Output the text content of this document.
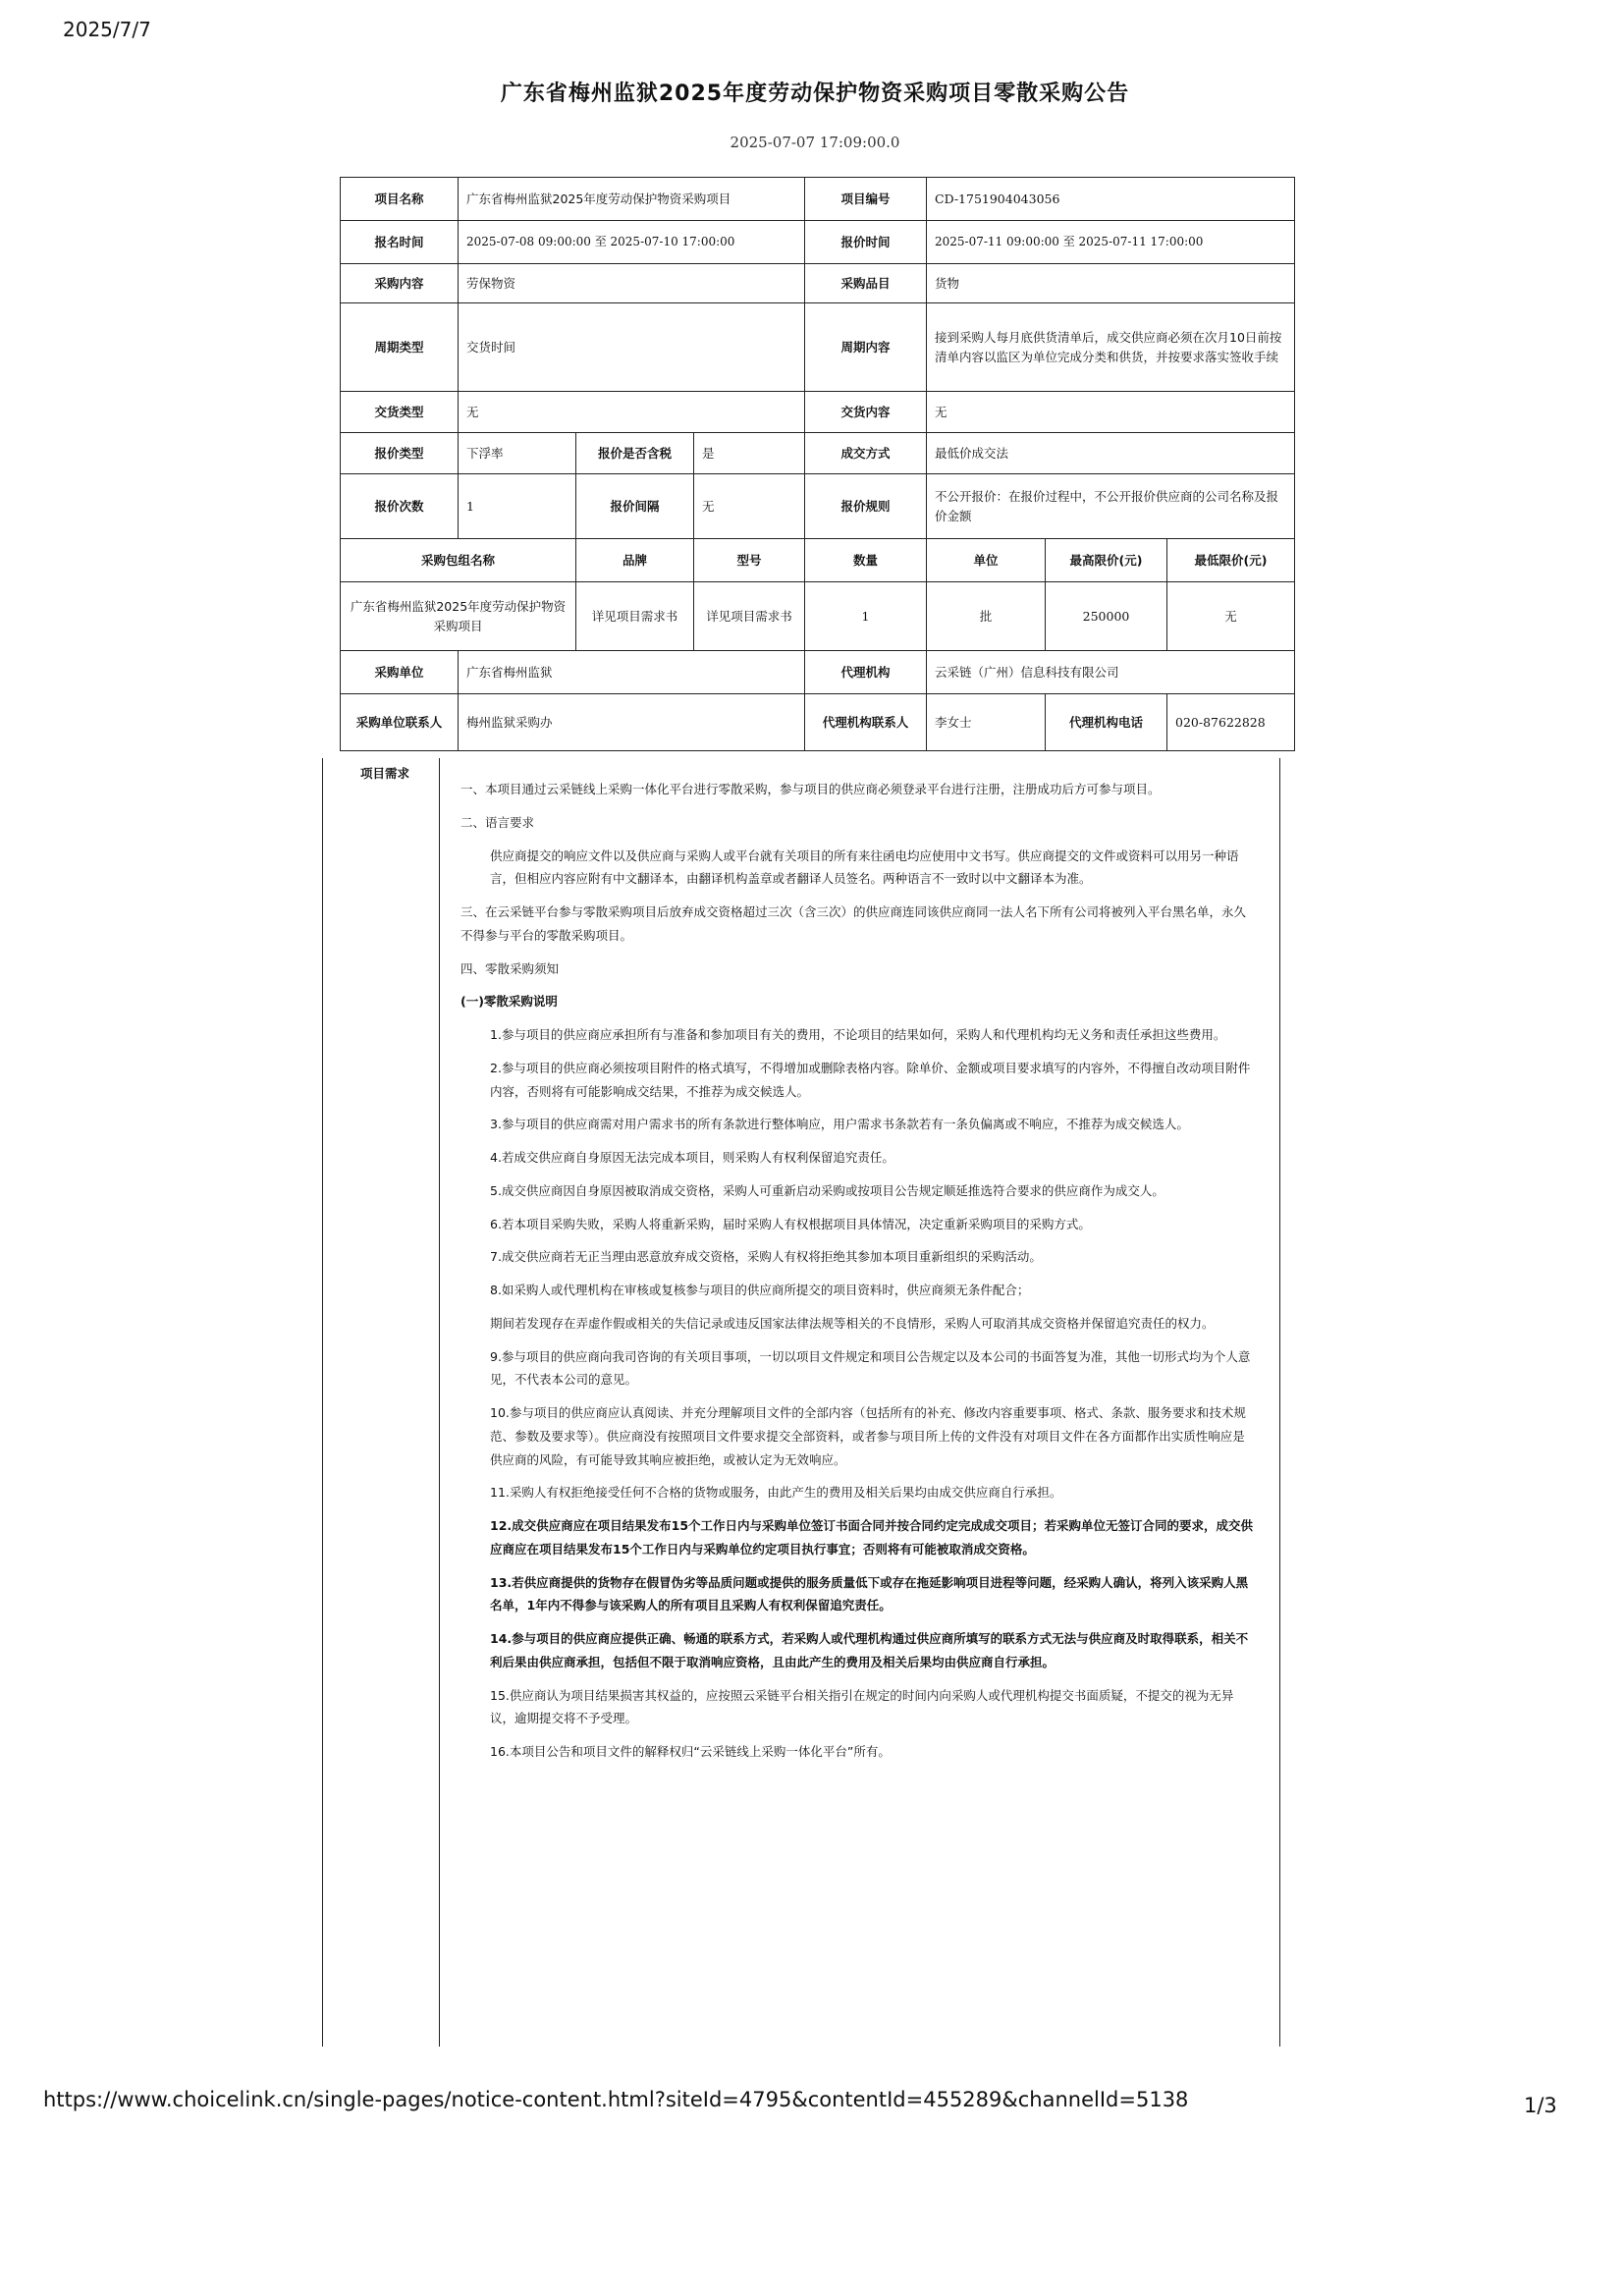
2025/7/7
广东省梅州监狱2025年度劳动保护物资采购项目零散采购公告
2025-07-07 17:09:00.0
项目名称	广东省梅州监狱2025年度劳动保护物资采购项目			项目编号	CD-1751904043056		
报名时间	2025-07-08 09:00:00 至 2025-07-10 17:00:00			报价时间	2025-07-11 09:00:00 至 2025-07-11 17:00:00		
采购内容	劳保物资			采购品目	货物		
周期类型	交货时间			周期内容	接到采购人每月底供货清单后，成交供应商必须在次月10日前按清单内容以监区为单位完成分类和供货，并按要求落实签收手续		
交货类型	无			交货内容	无		
报价类型	下浮率	报价是否含税	是	成交方式	最低价成交法		
报价次数	1	报价间隔	无	报价规则	不公开报价：在报价过程中，不公开报价供应商的公司名称及报价金额		
采购包组名称		品牌	型号	数量	单位	最高限价(元)	最低限价(元)
广东省梅州监狱2025年度劳动保护物资采购项目		详见项目需求书	详见项目需求书	1	批	250000	无
采购单位	广东省梅州监狱			代理机构	云采链（广州）信息科技有限公司		
采购单位联系人	梅州监狱采购办			代理机构联系人	李女士	代理机构电话	020-87622828
项目需求

一、本项目通过云采链线上采购一体化平台进行零散采购，参与项目的供应商必须登录平台进行注册，注册成功后方可参与项目。

二、语言要求

供应商提交的响应文件以及供应商与采购人或平台就有关项目的所有来往函电均应使用中文书写。供应商提交的文件或资料可以用另一种语言，但相应内容应附有中文翻译本，由翻译机构盖章或者翻译人员签名。两种语言不一致时以中文翻译本为准。

三、在云采链平台参与零散采购项目后放弃成交资格超过三次（含三次）的供应商连同该供应商同一法人名下所有公司将被列入平台黑名单，永久不得参与平台的零散采购项目。

四、零散采购须知

(一)零散采购说明

1.参与项目的供应商应承担所有与准备和参加项目有关的费用，不论项目的结果如何，采购人和代理机构均无义务和责任承担这些费用。

2.参与项目的供应商必须按项目附件的格式填写，不得增加或删除表格内容。除单价、金额或项目要求填写的内容外，不得擅自改动项目附件内容，否则将有可能影响成交结果，不推荐为成交候选人。

3.参与项目的供应商需对用户需求书的所有条款进行整体响应，用户需求书条款若有一条负偏离或不响应，不推荐为成交候选人。

4.若成交供应商自身原因无法完成本项目，则采购人有权利保留追究责任。

5.成交供应商因自身原因被取消成交资格，采购人可重新启动采购或按项目公告规定顺延推选符合要求的供应商作为成交人。

6.若本项目采购失败，采购人将重新采购，届时采购人有权根据项目具体情况，决定重新采购项目的采购方式。

7.成交供应商若无正当理由恶意放弃成交资格，采购人有权将拒绝其参加本项目重新组织的采购活动。

8.如采购人或代理机构在审核或复核参与项目的供应商所提交的项目资料时，供应商须无条件配合；

期间若发现存在弄虚作假或相关的失信记录或违反国家法律法规等相关的不良情形，采购人可取消其成交资格并保留追究责任的权力。

9.参与项目的供应商向我司咨询的有关项目事项，一切以项目文件规定和项目公告规定以及本公司的书面答复为准，其他一切形式均为个人意见，不代表本公司的意见。

10.参与项目的供应商应认真阅读、并充分理解项目文件的全部内容（包括所有的补充、修改内容重要事项、格式、条款、服务要求和技术规范、参数及要求等）。供应商没有按照项目文件要求提交全部资料，或者参与项目所上传的文件没有对项目文件在各方面都作出实质性响应是供应商的风险，有可能导致其响应被拒绝，或被认定为无效响应。

11.采购人有权拒绝接受任何不合格的货物或服务，由此产生的费用及相关后果均由成交供应商自行承担。

12.成交供应商应在项目结果发布15个工作日内与采购单位签订书面合同并按合同约定完成成交项目；若采购单位无签订合同的要求，成交供应商应在项目结果发布15个工作日内与采购单位约定项目执行事宜；否则将有可能被取消成交资格。

13.若供应商提供的货物存在假冒伪劣等品质问题或提供的服务质量低下或存在拖延影响项目进程等问题，经采购人确认，将列入该采购人黑名单，1年内不得参与该采购人的所有项目且采购人有权利保留追究责任。

14.参与项目的供应商应提供正确、畅通的联系方式，若采购人或代理机构通过供应商所填写的联系方式无法与供应商及时取得联系，相关不利后果由供应商承担，包括但不限于取消响应资格，且由此产生的费用及相关后果均由供应商自行承担。

15.供应商认为项目结果损害其权益的，应按照云采链平台相关指引在规定的时间内向采购人或代理机构提交书面质疑，不提交的视为无异议，逾期提交将不予受理。

16.本项目公告和项目文件的解释权归“云采链线上采购一体化平台”所有。

https://www.choicelink.cn/single-pages/notice-content.html?siteId=4795&contentId=455289&channelId=5138	1/3
